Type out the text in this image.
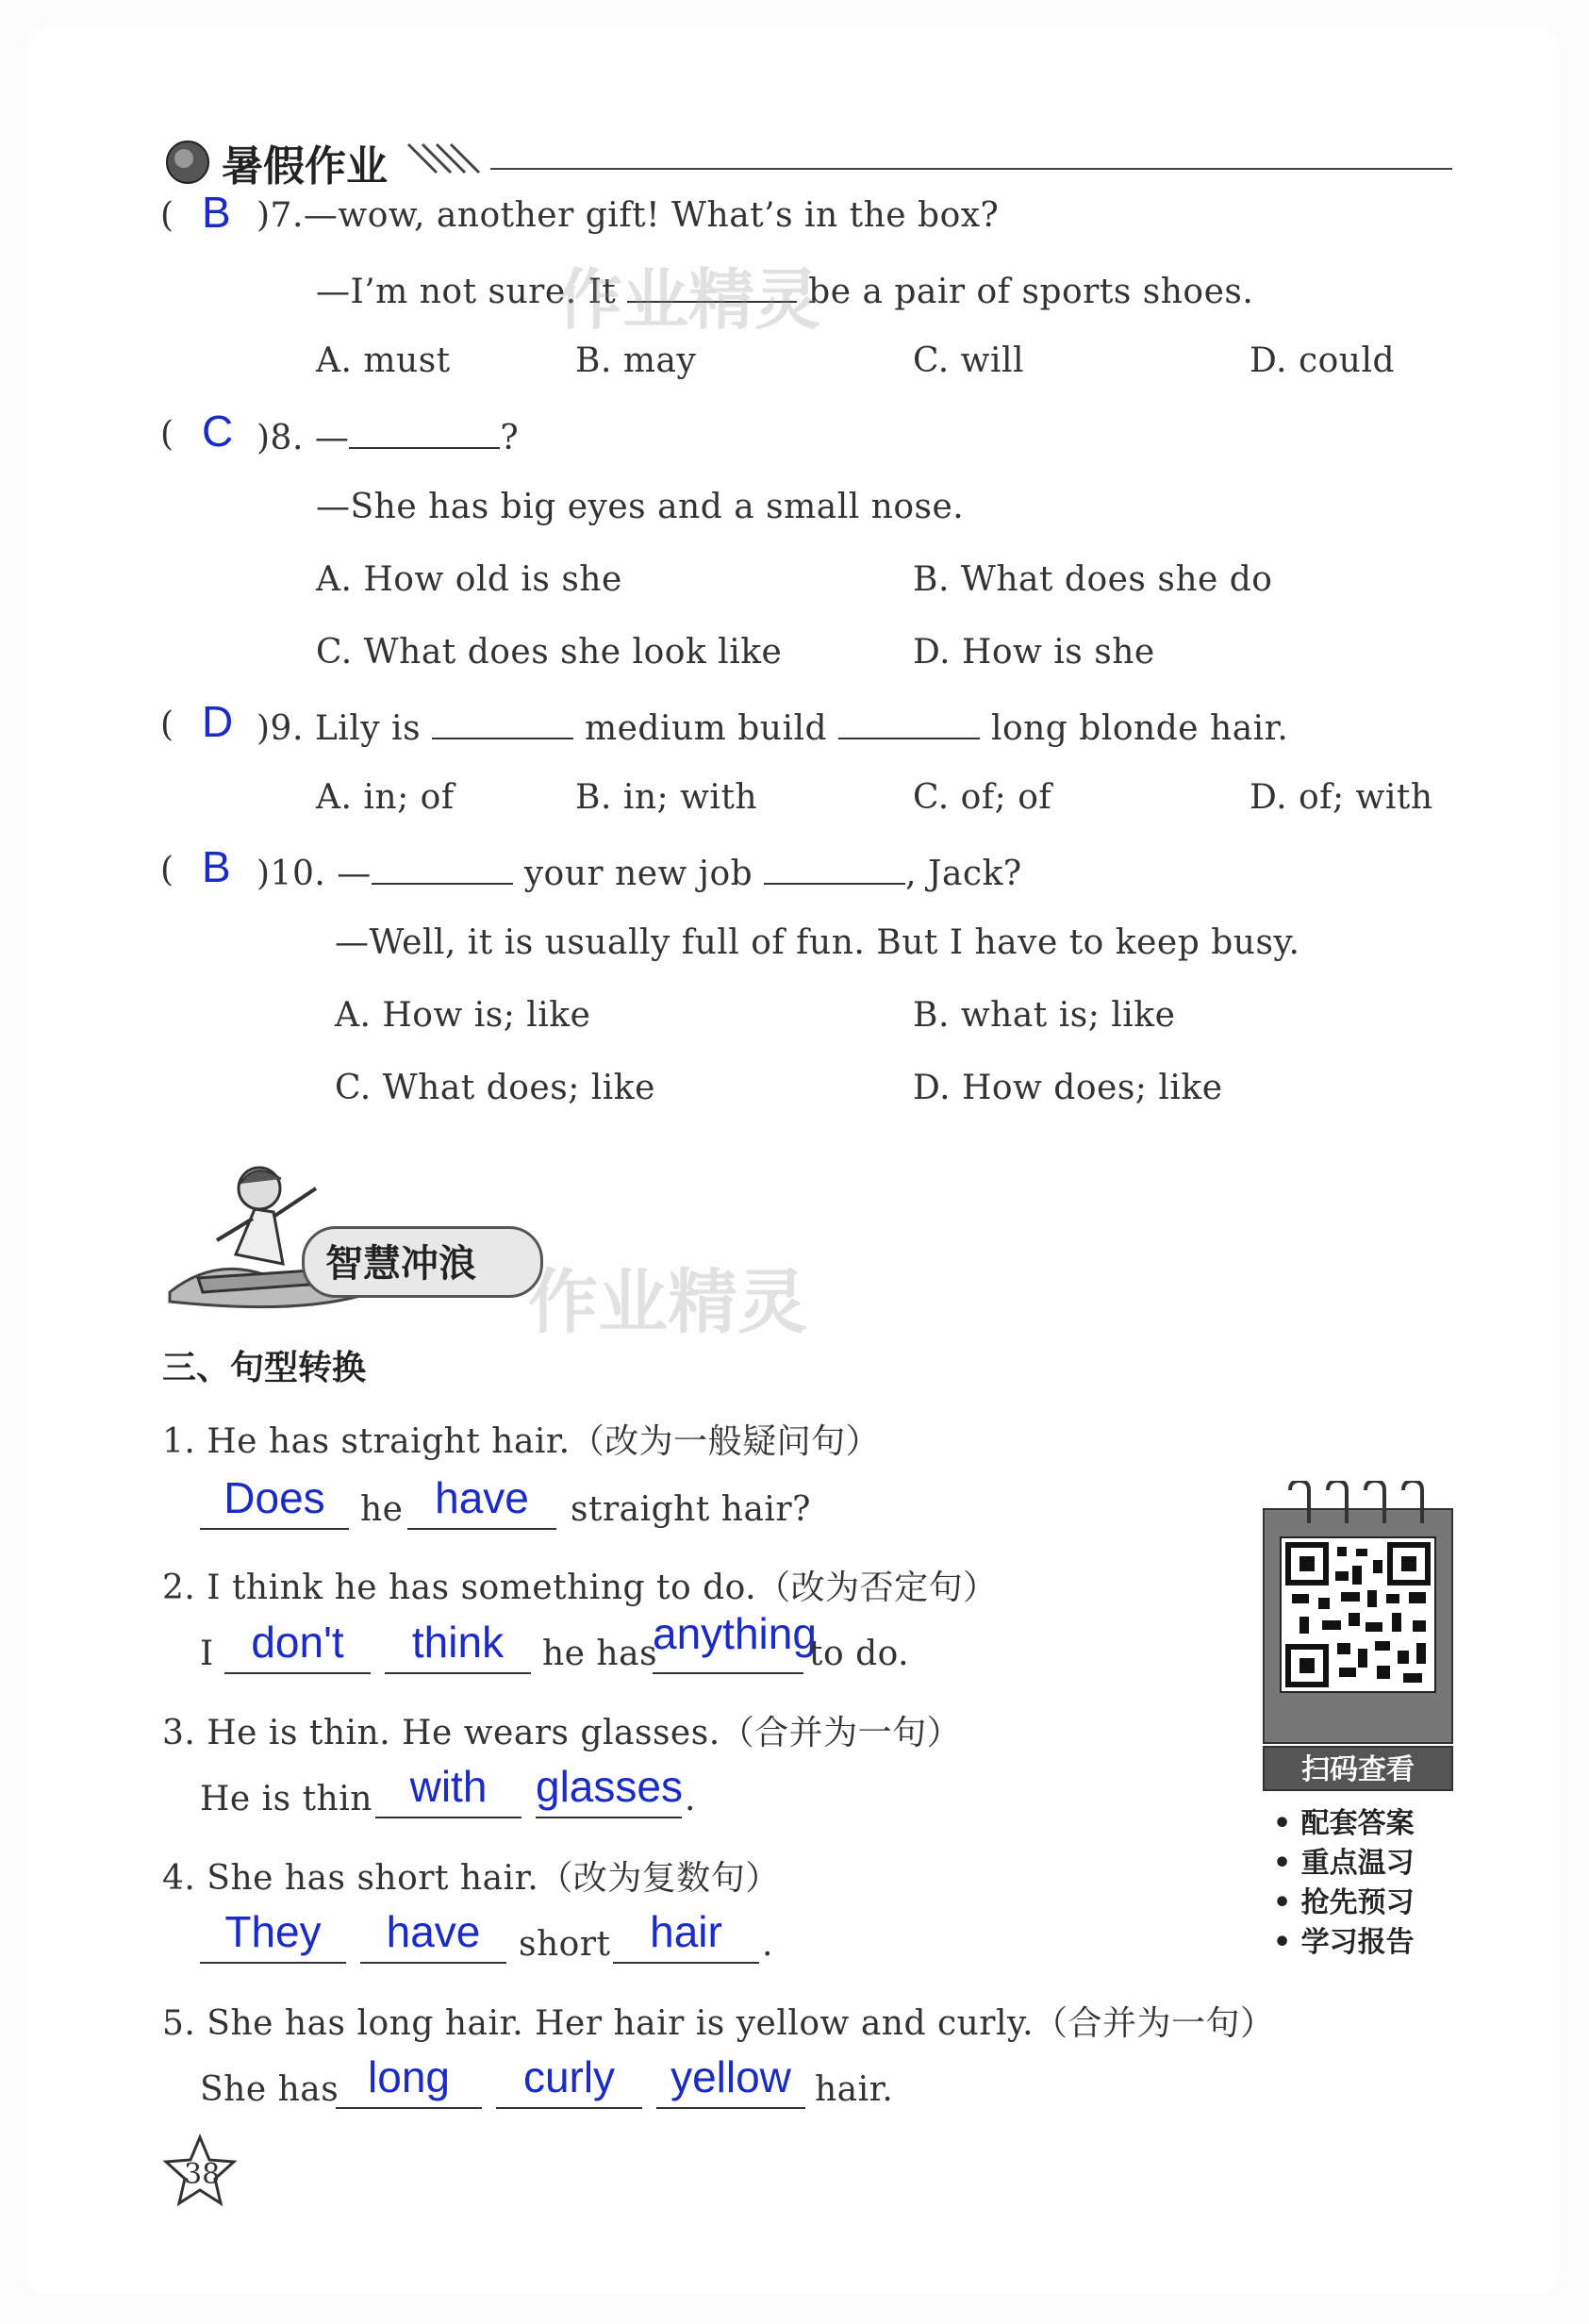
暑假作业
( B )7.—wow, another gift! What’s in the box?
—I’m not sure. It	be a pair of sports shoes.
作业精灵
A. must	B. may	C. will	D. could
( C )8. —	?
—She has big eyes and a small nose.
A. How old is she	B. What does she do
C. What does she look like	D. How is she
( D )9. Lily is	medium build	long blonde hair.
A. in; of	B. in; with	C. of; of	D. of; with
( B )10. —	your new job	, Jack?
—Well, it is usually full of fun. But I have to keep busy.
A. How is; like	B. what is; like
C. What does; like	D. How does; like
智慧冲浪 作业精灵
三、句型转换
1. He has straight hair.（改为一般疑问句）
Does	he have	straight hair?
2. I think he has something to do.（改为否定句）
I don't	think	he has
anything
to do.
3. He is thin. He wears glasses.（合并为一句）
He is thin with	glasses .
4. She has short hair.（改为复数句）
They	have	short hair	.
5. She has long hair. Her hair is yellow and curly.（合并为一句）
She has long	curly	yellow hair.
扫码查看
• 配套答案
• 重点温习
• 抢先预习
• 学习报告
38
